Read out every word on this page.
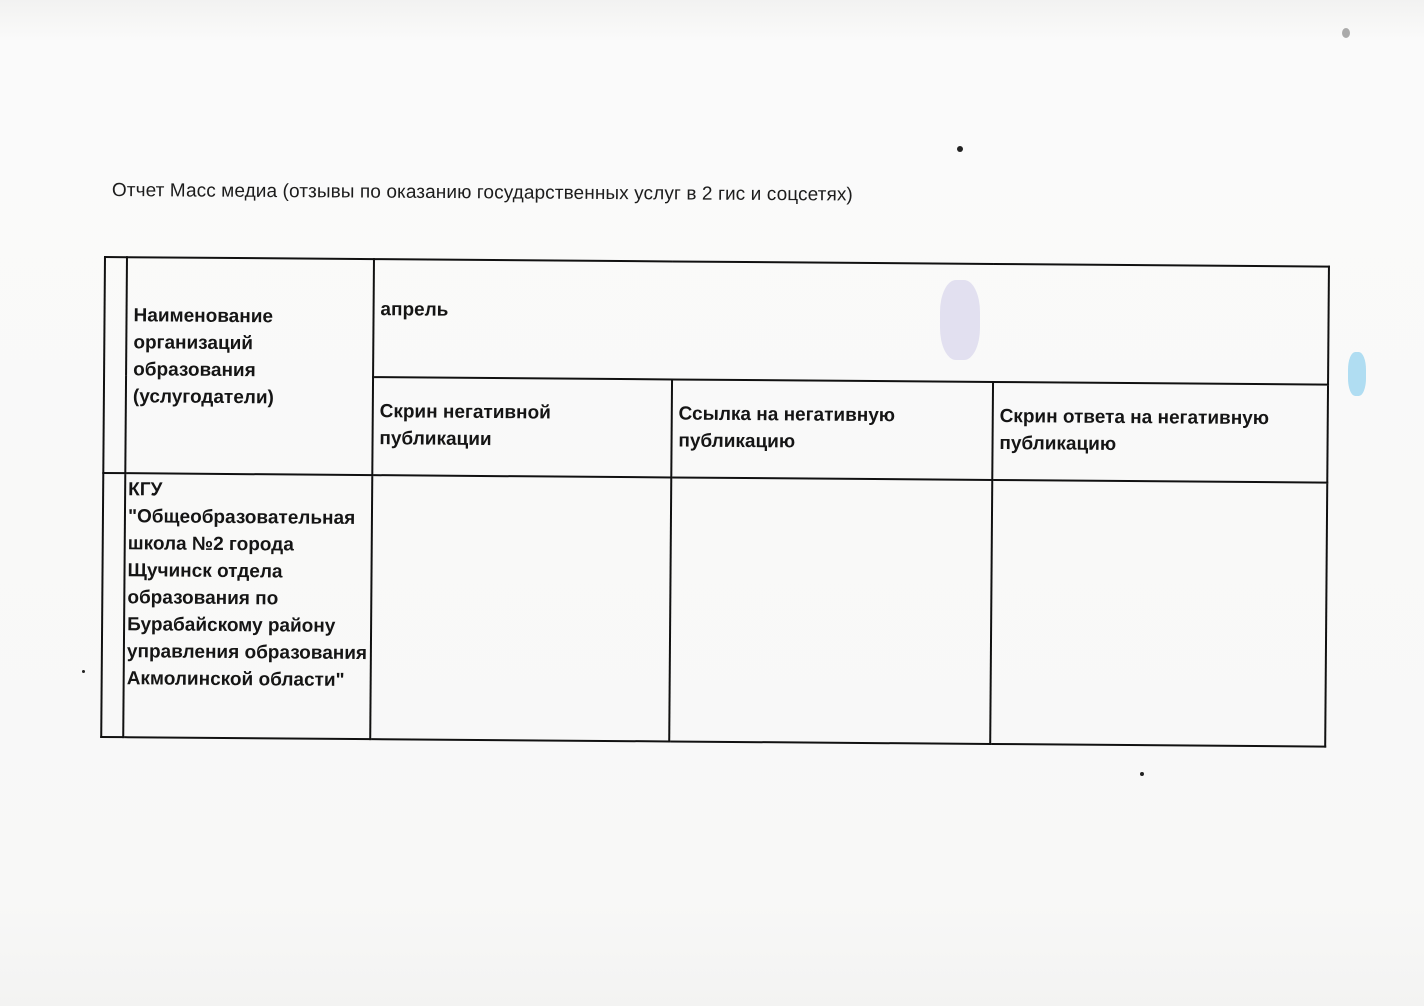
Отчет Масс медиа (отзывы по оказанию государственных услуг в 2 гис и соцсетях)

	Наименование организаций образования (услугодатели)	апрель		

		Скрин негативной публикации	Ссылка на негативную публикацию	Скрин ответа на негативную публикацию

	КГУ "Общеобразовательная школа №2 города Щучинск отдела образования по Бурабайскому району управления образования Акмолинской области"			
